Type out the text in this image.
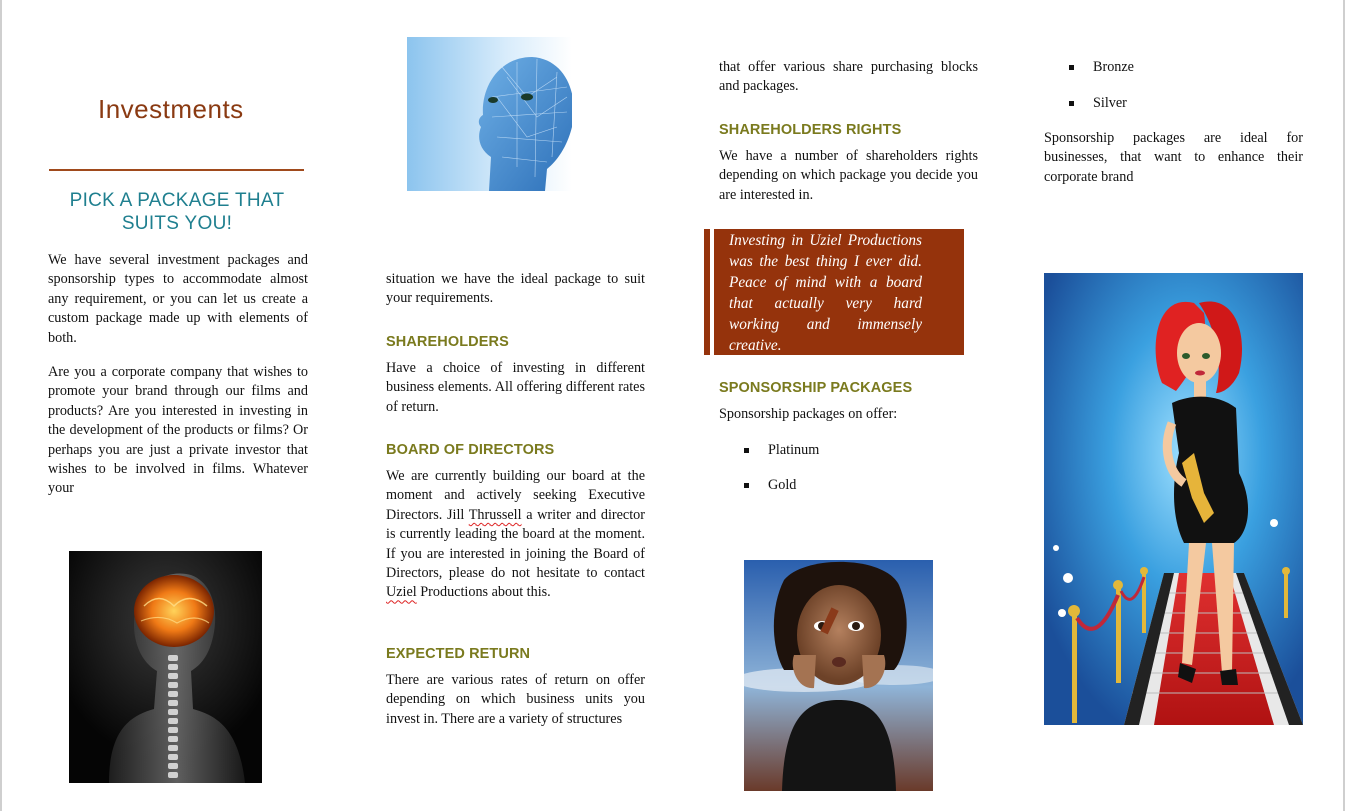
Investments
PICK A PACKAGE THAT SUITS YOU!

We have several investment packages and sponsorship types to accommodate almost any requirement, or you can let us create a custom package made up with elements of both.

Are you a corporate company that wishes to promote your brand through our films and products? Are you interested in investing in the development of the products or films? Or perhaps you are just a private investor that wishes to be involved in films. Whatever your

situation we have the ideal package to suit your requirements.

SHAREHOLDERS

Have a choice of investing in different business elements. All offering different rates of return.

BOARD OF DIRECTORS

We are currently building our board at the moment and actively seeking Executive Directors. Jill Thrussell a writer and director is currently leading the board at the moment. If you are interested in joining the Board of Directors, please do not hesitate to contact Uziel Productions about this.

EXPECTED RETURN

There are various rates of return on offer depending on which business units you invest in. There are a variety of structures

that offer various share purchasing blocks and packages.

SHAREHOLDERS RIGHTS

We have a number of shareholders rights depending on which package you decide you are interested in.

Investing in Uziel Productions was the best thing I ever did. Peace of mind with a board that actually very hard working and immensely creative.
SPONSORSHIP PACKAGES

Sponsorship packages on offer:

Platinum
Gold
Bronze
Silver

Sponsorship packages are ideal for businesses, that want to enhance their corporate brand
